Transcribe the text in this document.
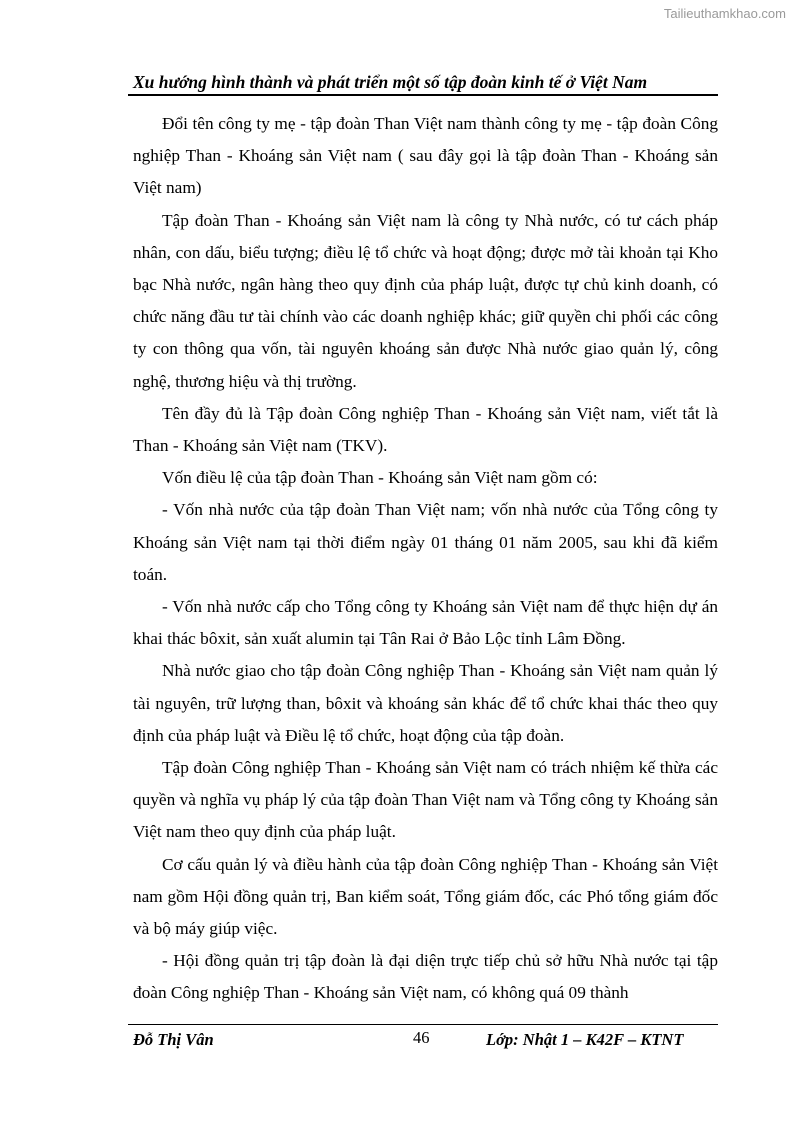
Tailieuthamkhao.com
Xu hướng hình thành và phát triển một số tập đoàn kinh tế ở Việt Nam

Đổi tên công ty mẹ - tập đoàn Than Việt nam thành công ty mẹ - tập đoàn Công nghiệp Than - Khoáng sản Việt nam ( sau đây gọi là tập đoàn Than - Khoáng sản Việt nam)

Tập đoàn Than - Khoáng sản Việt nam là công ty Nhà nước, có tư cách pháp nhân, con dấu, biểu tượng; điều lệ tổ chức và hoạt động; được mở tài khoản tại Kho bạc Nhà nước, ngân hàng theo quy định của pháp luật, được tự chủ kinh doanh, có chức năng đầu tư tài chính vào các doanh nghiệp khác; giữ quyền chi phối các công ty con thông qua vốn, tài nguyên khoáng sản được Nhà nước giao quản lý, công nghệ, thương hiệu và thị trường.

Tên đầy đủ là Tập đoàn Công nghiệp Than - Khoáng sản Việt nam, viết tắt là Than - Khoáng sản Việt nam (TKV).

Vốn điều lệ của tập đoàn Than - Khoáng sản Việt nam gồm có:

- Vốn nhà nước của tập đoàn Than Việt nam; vốn nhà nước của Tổng công ty Khoáng sản Việt nam tại thời điểm ngày 01 tháng 01 năm 2005, sau khi đã kiểm toán.

- Vốn nhà nước cấp cho Tổng công ty Khoáng sản Việt nam để thực hiện dự án khai thác bôxit, sản xuất alumin tại Tân Rai ở Bảo Lộc tỉnh Lâm Đồng.

Nhà nước giao cho tập đoàn Công nghiệp Than - Khoáng sản Việt nam quản lý tài nguyên, trữ lượng than, bôxit và khoáng sản khác để tổ chức khai thác theo quy định của pháp luật và Điều lệ tổ chức, hoạt động của tập đoàn.

Tập đoàn Công nghiệp Than - Khoáng sản Việt nam có trách nhiệm kế thừa các quyền và nghĩa vụ pháp lý của tập đoàn Than Việt nam và Tổng công ty Khoáng sản Việt nam theo quy định của pháp luật.

Cơ cấu quản lý và điều hành của tập đoàn Công nghiệp Than - Khoáng sản Việt nam gồm Hội đồng quản trị, Ban kiểm soát, Tổng giám đốc, các Phó tổng giám đốc và bộ máy giúp việc.

- Hội đồng quản trị tập đoàn là đại diện trực tiếp chủ sở hữu Nhà nước tại tập đoàn Công nghiệp Than - Khoáng sản Việt nam, có không quá 09 thành

Đỗ Thị Vân	46	Lớp: Nhật 1 – K42F – KTNT
